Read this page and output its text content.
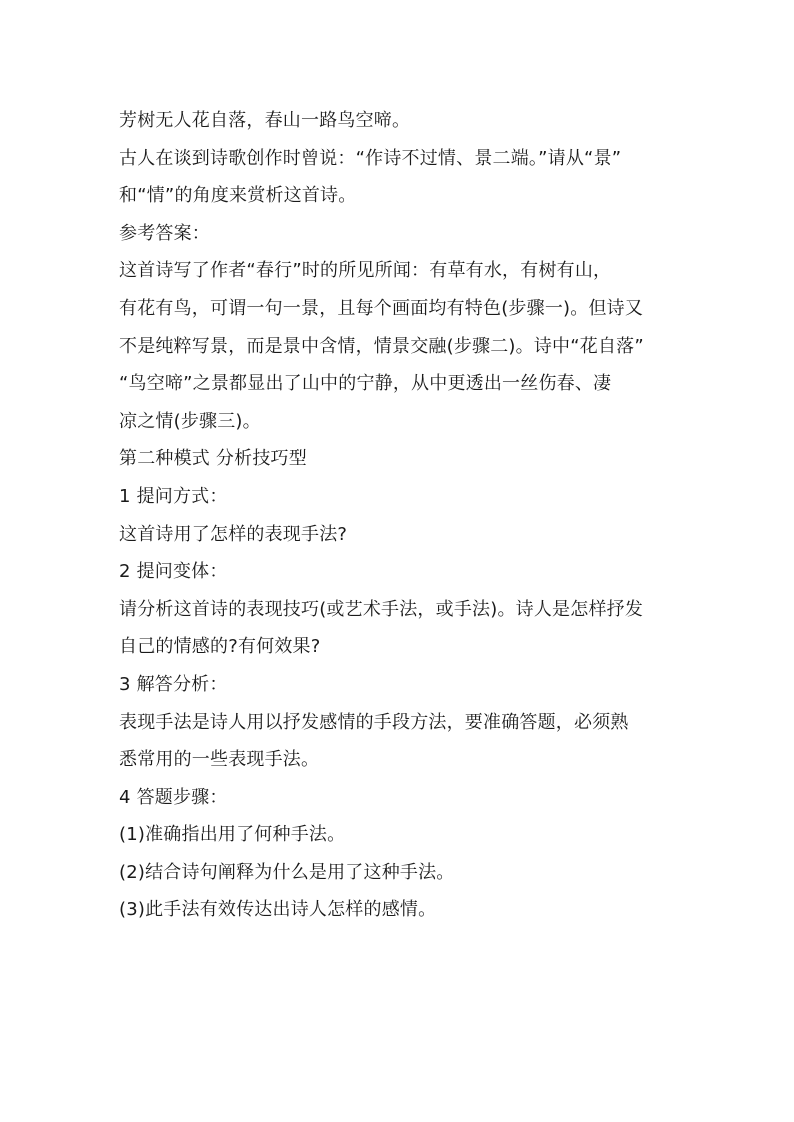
芳树无人花自落，春山一路鸟空啼。
古人在谈到诗歌创作时曾说：“作诗不过情、景二端。”请从“景”
和“情”的角度来赏析这首诗。
参考答案：
这首诗写了作者“春行”时的所见所闻：有草有水，有树有山，
有花有鸟，可谓一句一景，且每个画面均有特色(步骤一)。但诗又
不是纯粹写景，而是景中含情，情景交融(步骤二)。诗中“花自落”
“鸟空啼”之景都显出了山中的宁静，从中更透出一丝伤春、凄
凉之情(步骤三)。
第二种模式 分析技巧型
1 提问方式：
这首诗用了怎样的表现手法?
2 提问变体：
请分析这首诗的表现技巧(或艺术手法，或手法)。诗人是怎样抒发
自己的情感的?有何效果?
3 解答分析：
表现手法是诗人用以抒发感情的手段方法，要准确答题，必须熟
悉常用的一些表现手法。
4 答题步骤：
(1)准确指出用了何种手法。
(2)结合诗句阐释为什么是用了这种手法。
(3)此手法有效传达出诗人怎样的感情。
